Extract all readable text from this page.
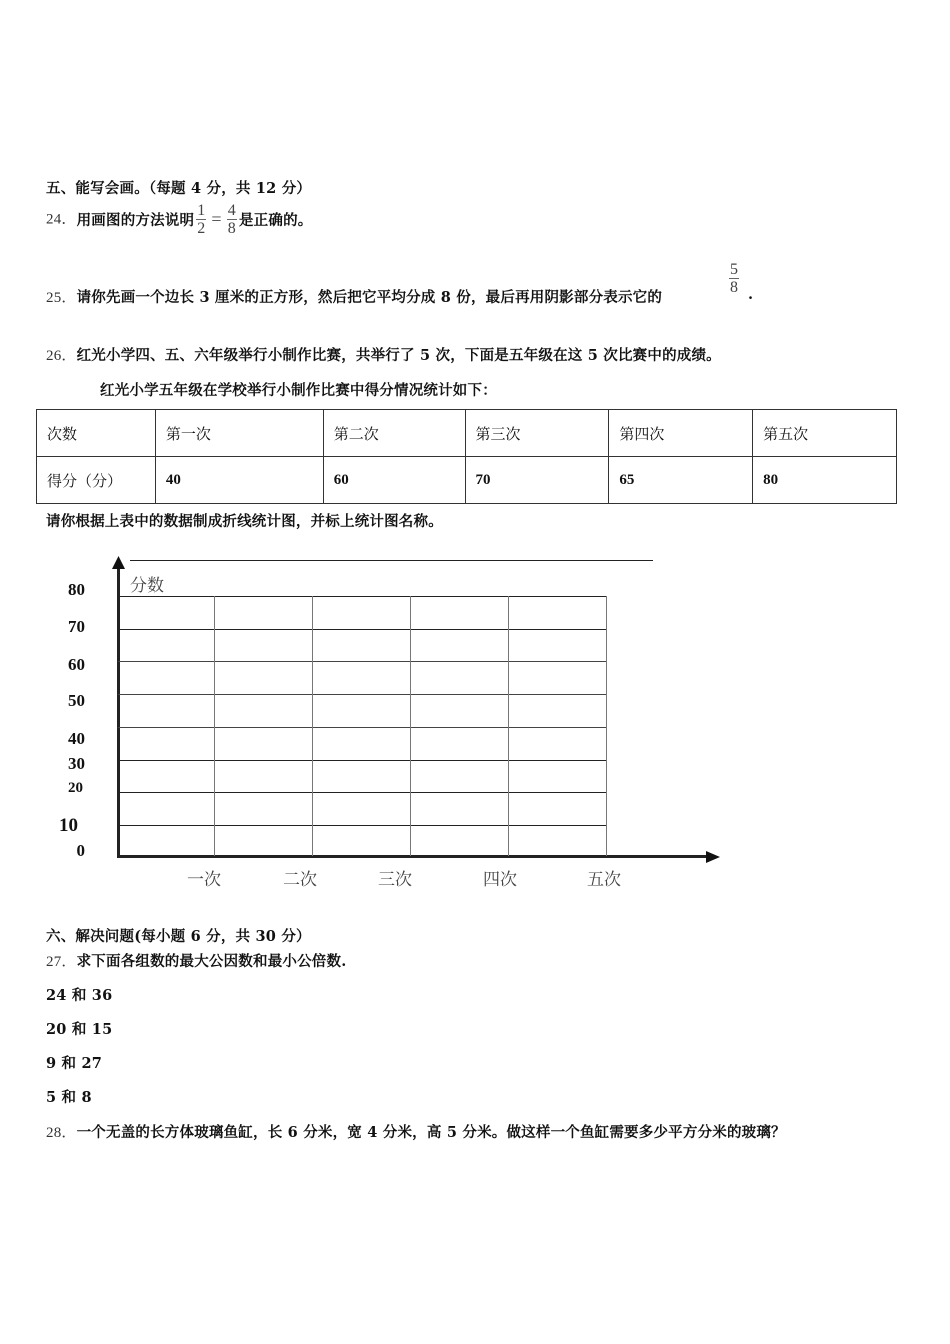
五、能写会画。（每题 4 分，共 12 分）
24．用画图的方法说明 $\frac{1}{2} = \frac{4}{8}$ 是正确的。
25．请你先画一个边长 3 厘米的正方形，然后把它平均分成 8 份，最后再用阴影部分表示它的
$\frac{5}{8}$ .
26．红光小学四、五、六年级举行小制作比赛，共举行了 5 次，下面是五年级在这 5 次比赛中的成绩。
红光小学五年级在学校举行小制作比赛中得分情况统计如下：
次数	第一次	第二次	第三次	第四次	第五次
得分（分）	40	60	70	65	80
请你根据上表中的数据制成折线统计图，并标上统计图名称。
分数
80
70
60
50
40
30
20
10
0
一次	二次	三次	四次	五次
六、解决问题(每小题 6 分，共 30 分）
27．求下面各组数的最大公因数和最小公倍数.
24 和 36
20 和 15
9 和 27
5 和 8
28．一个无盖的长方体玻璃鱼缸，长 6 分米，宽 4 分米，高 5 分米。做这样一个鱼缸需要多少平方分米的玻璃？
